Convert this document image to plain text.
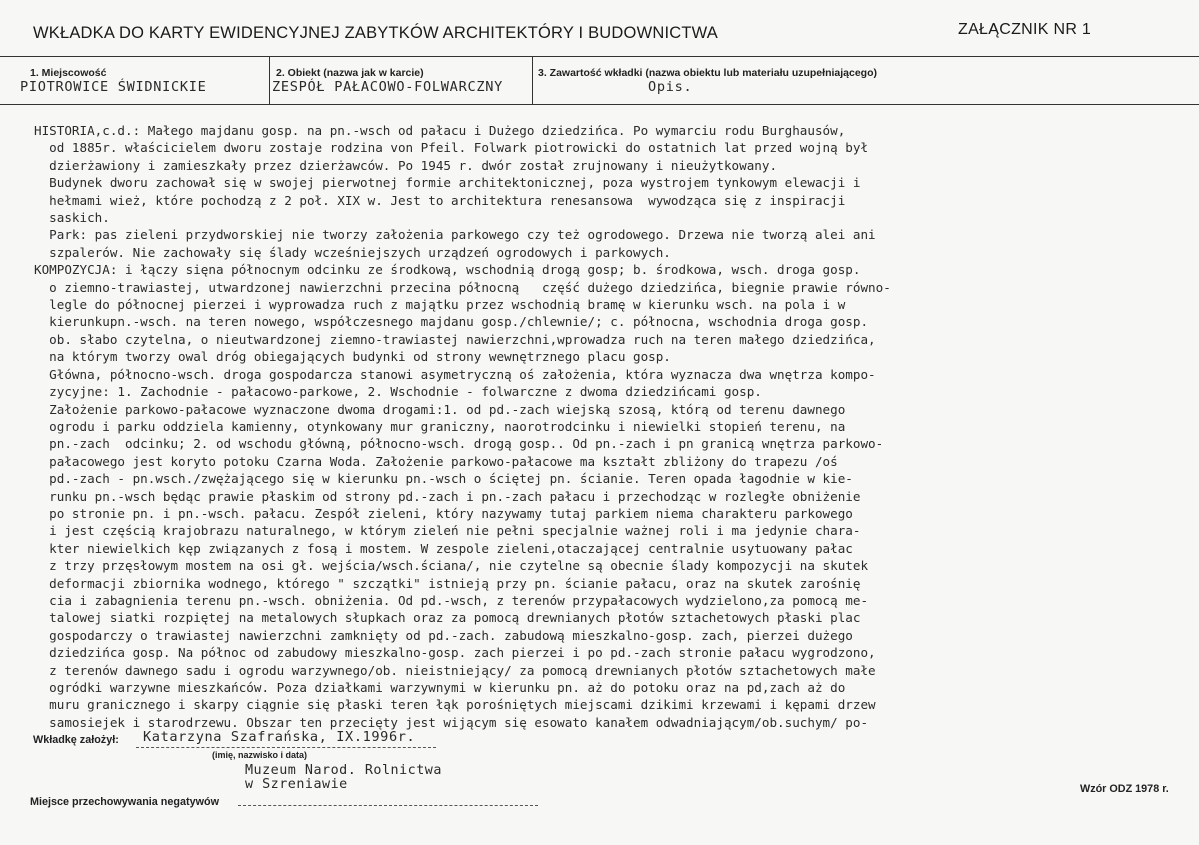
WKŁADKA DO KARTY EWIDENCYJNEJ ZABYTKÓW ARCHITEKTÓRY I BUDOWNICTWA	ZAŁĄCZNIK NR 1
1. Miejscowość
PIOTROWICE ŚWIDNICKIE
2. Obiekt (nazwa jak w karcie)
ZESPÓŁ PAŁACOWO-FOLWARCZNY
3. Zawartość wkładki (nazwa obiektu lub materiału uzupełniającego)
Opis.
HISTORIA,c.d.: Małego majdanu gosp. na pn.-wsch od pałacu i Dużego dziedzińca. Po wymarciu rodu Burghausów,
od 1885r. właścicielem dworu zostaje rodzina von Pfeil. Folwark piotrowicki do ostatnich lat przed wojną był
dzierżawiony i zamieszkały przez dzierżawców. Po 1945 r. dwór został zrujnowany i nieużytkowany.
Budynek dworu zachował się w swojej pierwotnej formie architektonicznej, poza wystrojem tynkowym elewacji i
hełmami wież, które pochodzą z 2 poł. XIX w. Jest to architektura renesansowa  wywodząca się z inspiracji
saskich.
Park: pas zieleni przydworskiej nie tworzy założenia parkowego czy też ogrodowego. Drzewa nie tworzą alei ani
szpalerów. Nie zachowały się ślady wcześniejszych urządzeń ogrodowych i parkowych.
KOMPOZYCJA: i łączy sięna północnym odcinku ze środkową, wschodnią drogą gosp; b. środkowa, wsch. droga gosp.
o ziemno-trawiastej, utwardzonej nawierzchni przecina północną   część dużego dziedzińca, biegnie prawie równo-
legle do północnej pierzei i wyprowadza ruch z majątku przez wschodnią bramę w kierunku wsch. na pola i w
kierunkupn.-wsch. na teren nowego, współczesnego majdanu gosp./chlewnie/; c. północna, wschodnia droga gosp.
ob. słabo czytelna, o nieutwardzonej ziemno-trawiastej nawierzchni,wprowadza ruch na teren małego dziedzińca,
na którym tworzy owal dróg obiegających budynki od strony wewnętrznego placu gosp.
Główna, północno-wsch. droga gospodarcza stanowi asymetryczną oś założenia, która wyznacza dwa wnętrza kompo-
zycyjne: 1. Zachodnie - pałacowo-parkowe, 2. Wschodnie - folwarczne z dwoma dziedzińcami gosp.
Założenie parkowo-pałacowe wyznaczone dwoma drogami:1. od pd.-zach wiejską szosą, którą od terenu dawnego
ogrodu i parku oddziela kamienny, otynkowany mur graniczny, naorotrodcinku i niewielki stopień terenu, na
pn.-zach  odcinku; 2. od wschodu główną, północno-wsch. drogą gosp.. Od pn.-zach i pn granicą wnętrza parkowo-
pałacowego jest koryto potoku Czarna Woda. Założenie parkowo-pałacowe ma kształt zbliżony do trapezu /oś
pd.-zach - pn.wsch./zwężającego się w kierunku pn.-wsch o ściętej pn. ścianie. Teren opada łagodnie w kie-
runku pn.-wsch będąc prawie płaskim od strony pd.-zach i pn.-zach pałacu i przechodząc w rozległe obniżenie
po stronie pn. i pn.-wsch. pałacu. Zespół zieleni, który nazywamy tutaj parkiem niema charakteru parkowego
i jest częścią krajobrazu naturalnego, w którym zieleń nie pełni specjalnie ważnej roli i ma jedynie chara-
kter niewielkich kęp związanych z fosą i mostem. W zespole zieleni,otaczającej centralnie usytuowany pałac
z trzy przęsłowym mostem na osi gł. wejścia/wsch.ściana/, nie czytelne są obecnie ślady kompozycji na skutek
deformacji zbiornika wodnego, którego " szczątki" istnieją przy pn. ścianie pałacu, oraz na skutek zarośnię
cia i zabagnienia terenu pn.-wsch. obniżenia. Od pd.-wsch, z terenów przypałacowych wydzielono,za pomocą me-
talowej siatki rozpiętej na metalowych słupkach oraz za pomocą drewnianych płotów sztachetowych płaski plac
gospodarczy o trawiastej nawierzchni zamknięty od pd.-zach. zabudową mieszkalno-gosp. zach, pierzei dużego
dziedzińca gosp. Na północ od zabudowy mieszkalno-gosp. zach pierzei i po pd.-zach stronie pałacu wygrodzono,
z terenów dawnego sadu i ogrodu warzywnego/ob. nieistniejący/ za pomocą drewnianych płotów sztachetowych małe
ogródki warzywne mieszkańców. Poza działkami warzywnymi w kierunku pn. aż do potoku oraz na pd,zach aż do
muru granicznego i skarpy ciągnie się płaski teren łąk porośniętych miejscami dzikimi krzewami i kępami drzew
samosiejek i starodrzewu. Obszar ten przecięty jest wijącym się esowato kanałem odwadniającym/ob.suchym/ po-
Wkładkę założył: Katarzyna Szafrańska, IX.1996r.
(imię, nazwisko i data)
Muzeum Narod. Rolnictwa
w Szreniawie
Miejsce przechowywania negatywów
Wzór ODZ 1978 r.
